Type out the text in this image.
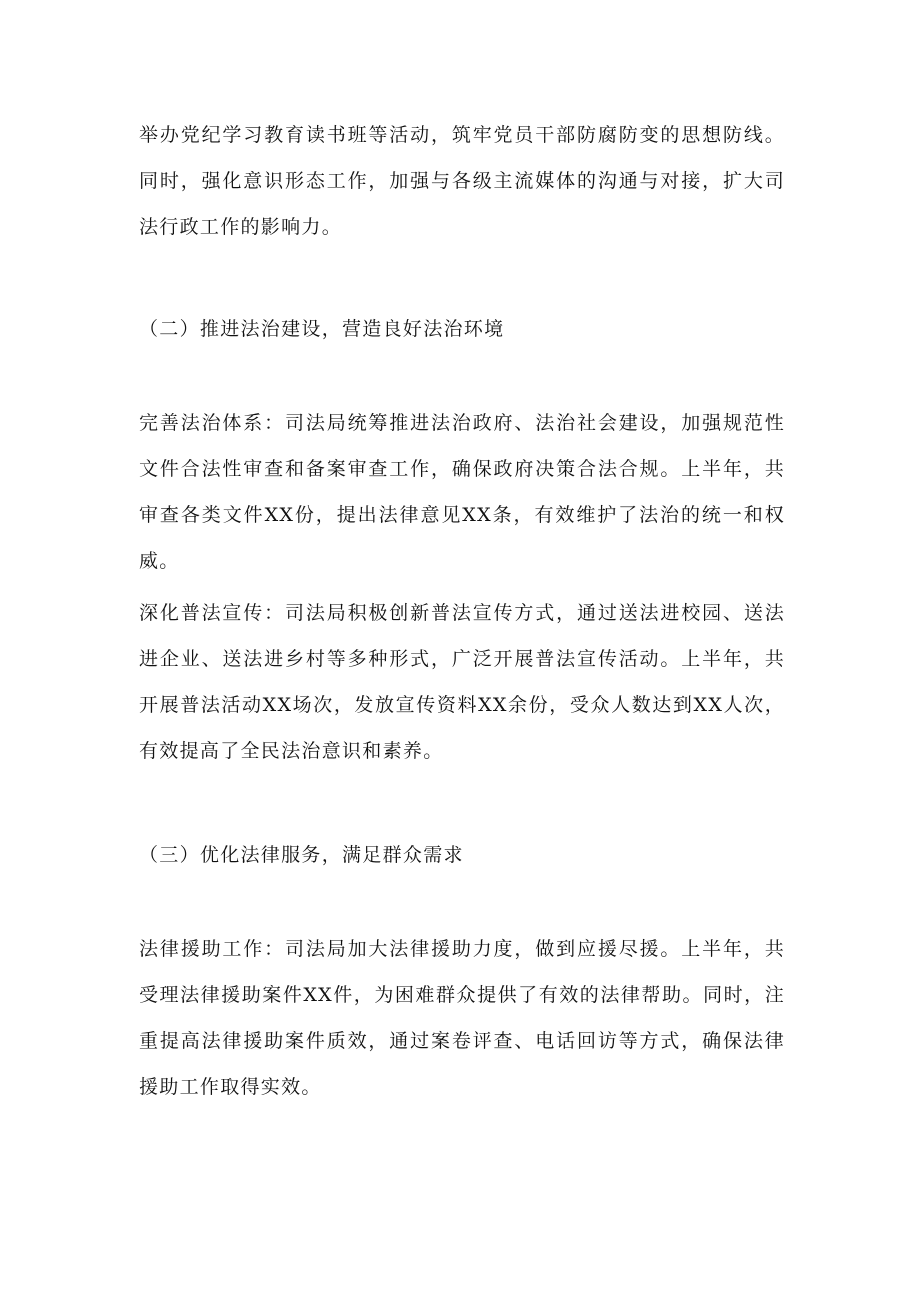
举办党纪学习教育读书班等活动，筑牢党员干部防腐防变的思想防线。同时，强化意识形态工作，加强与各级主流媒体的沟通与对接，扩大司法行政工作的影响力。

（二）推进法治建设，营造良好法治环境

完善法治体系：司法局统筹推进法治政府、法治社会建设，加强规范性文件合法性审查和备案审查工作，确保政府决策合法合规。上半年，共审查各类文件XX份，提出法律意见XX条，有效维护了法治的统一和权威。

深化普法宣传：司法局积极创新普法宣传方式，通过送法进校园、送法进企业、送法进乡村等多种形式，广泛开展普法宣传活动。上半年，共开展普法活动XX场次，发放宣传资料XX余份，受众人数达到XX人次，有效提高了全民法治意识和素养。

（三）优化法律服务，满足群众需求

法律援助工作：司法局加大法律援助力度，做到应援尽援。上半年，共受理法律援助案件XX件，为困难群众提供了有效的法律帮助。同时，注重提高法律援助案件质效，通过案卷评查、电话回访等方式，确保法律援助工作取得实效。
